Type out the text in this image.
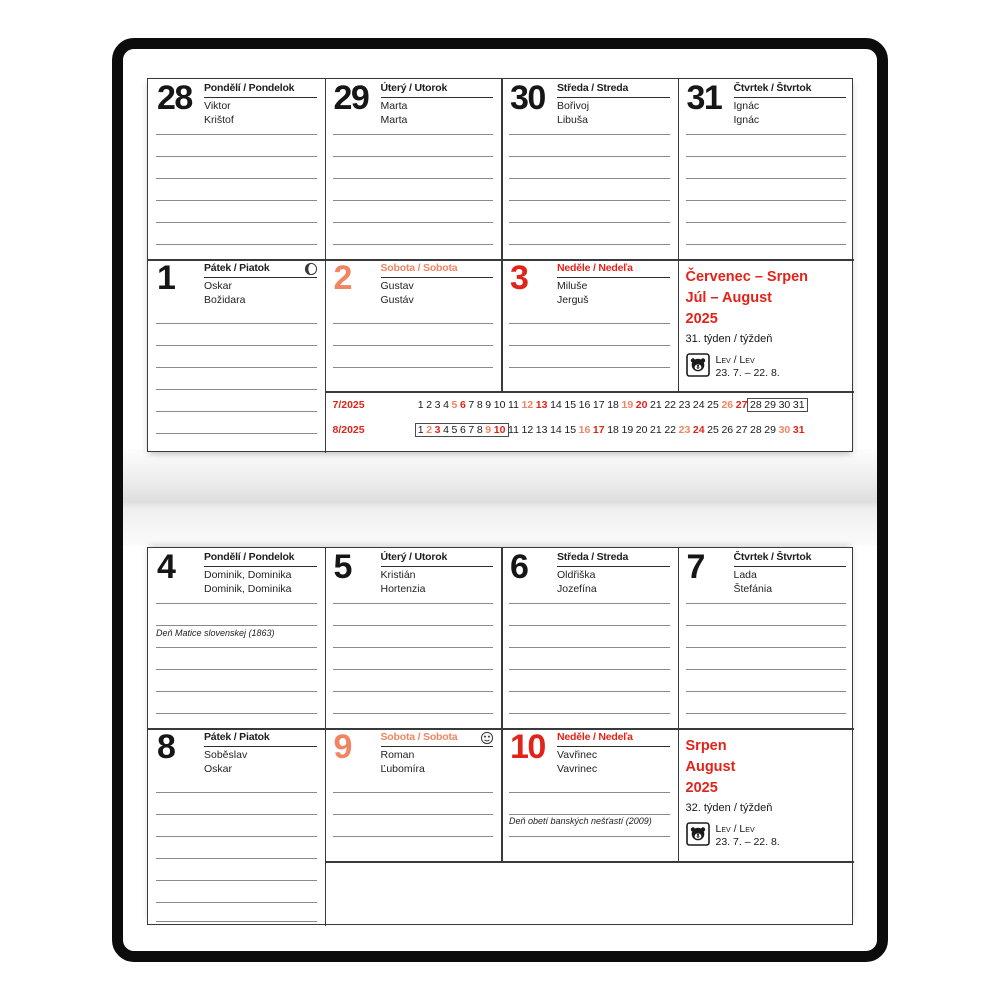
28 Pondělí / Pondelok
Viktor
Krištof
29 Úterý / Utorok
Marta
Marta
30 Středa / Streda
Bořivoj
Libuša
31 Čtvrtek / Štvrtok
Ignác
Ignác
1	Pátek / Piatok
Oskar
Božidara
2	Sobota / Sobota
Gustav
Gustáv
3	Neděle / Nedeľa
Miluše
Jerguš
Červenec – Srpen
Júl – August
2025
31. týden / týždeň
Lev / Lev
23. 7. – 22. 8.
7/2025	1 2 3 4 5 6 7 8 9 10 11 12 13 14 15 16 17 18 19 20 21 22 23 24 25 26 27 28 29 30 31
8/2025	1 2 3 4 5 6 7 8 9 10 11 12 13 14 15 16 17 18 19 20 21 22 23 24 25 26 27 28 29 30 31
4	Pondělí / Pondelok
Dominik, Dominika
Dominik, Dominika
Deň Matice slovenskej (1863)
5	Úterý / Utorok
Kristián
Hortenzia
6	Středa / Streda
Oldřiška
Jozefína
7	Čtvrtek / Štvrtok
Lada
Štefánia
8	Pátek / Piatok
Soběslav
Oskar
9	Sobota / Sobota
Roman
Ľubomíra
10 Neděle / Nedeľa
Vavřinec
Vavrinec
Deň obetí banských nešťastí (2009)
Srpen
August
2025
32. týden / týždeň
Lev / Lev
23. 7. – 22. 8.
